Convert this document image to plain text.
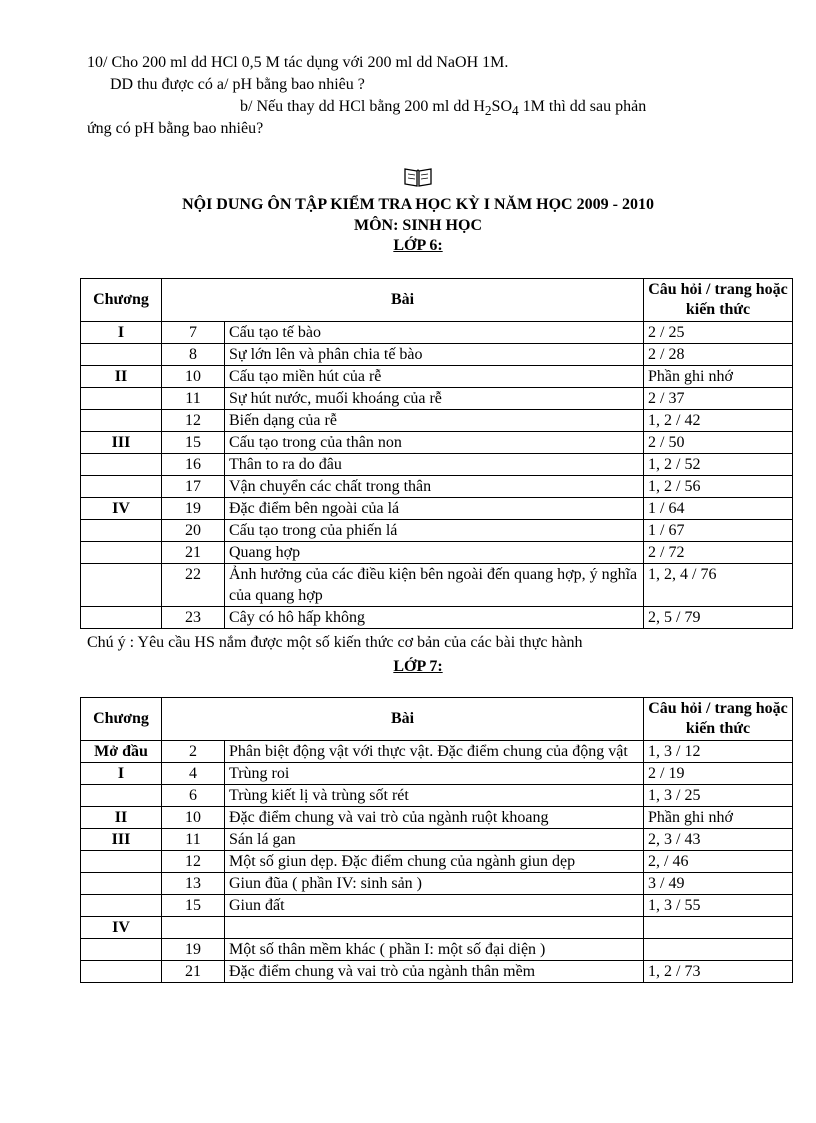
10/ Cho 200 ml dd HCl 0,5 M tác dụng với 200 ml dd NaOH 1M.
DD thu được có a/ pH bằng bao nhiêu ?
b/ Nếu thay dd HCl bằng 200 ml dd $H_2SO_4$ 1M thì dd sau phản
ứng có pH bằng bao nhiêu?
NỘI DUNG ÔN TẬP KIỂM TRA HỌC KỲ I NĂM HỌC 2009 - 2010
MÔN: SINH HỌC
LỚP 6:
Chương	Bài		Câu hỏi / trang hoặc kiến thức
I	7	Cấu tạo tế bào	2 / 25
	8	Sự lớn lên và phân chia tế bào	2 / 28
II	10	Cấu tạo miền hút của rễ	Phần ghi nhớ
	11	Sự hút nước, muối khoáng của rễ	2 / 37
	12	Biến dạng của rễ	1, 2 / 42
III	15	Cấu tạo trong của thân non	2 / 50
	16	Thân to ra do đâu	1, 2 / 52
	17	Vận chuyển các chất trong thân	1, 2 / 56
IV	19	Đặc điểm bên ngoài của lá	1 / 64
	20	Cấu tạo trong của phiến lá	1 / 67
	21	Quang hợp	2 / 72
	22	Ảnh hưởng của các điều kiện bên ngoài đến quang hợp, ý nghĩa của quang hợp	1, 2, 4 / 76
	23	Cây có hô hấp không	2, 5 / 79
Chú ý : Yêu cầu HS nắm được một số kiến thức cơ bản của các bài thực hành
LỚP 7:
Chương	Bài		Câu hỏi / trang hoặc kiến thức
Mở đầu	2	Phân biệt động vật với thực vật. Đặc điểm chung của động vật	1, 3 / 12
I	4	Trùng roi	2 / 19
	6	Trùng kiết lị và trùng sốt rét	1, 3 / 25
II	10	Đặc điểm chung và vai trò của ngành ruột khoang	Phần ghi nhớ
III	11	Sán lá gan	2, 3 / 43
	12	Một số giun dẹp. Đặc điểm chung của ngành giun dẹp	2, / 46
	13	Giun đũa ( phần IV: sinh sản )	3 / 49
	15	Giun đất	1, 3 / 55
IV			
	19	Một số thân mềm khác ( phần I: một số đại diện )	
	21	Đặc điểm chung và vai trò của ngành thân mềm	1, 2 / 73
